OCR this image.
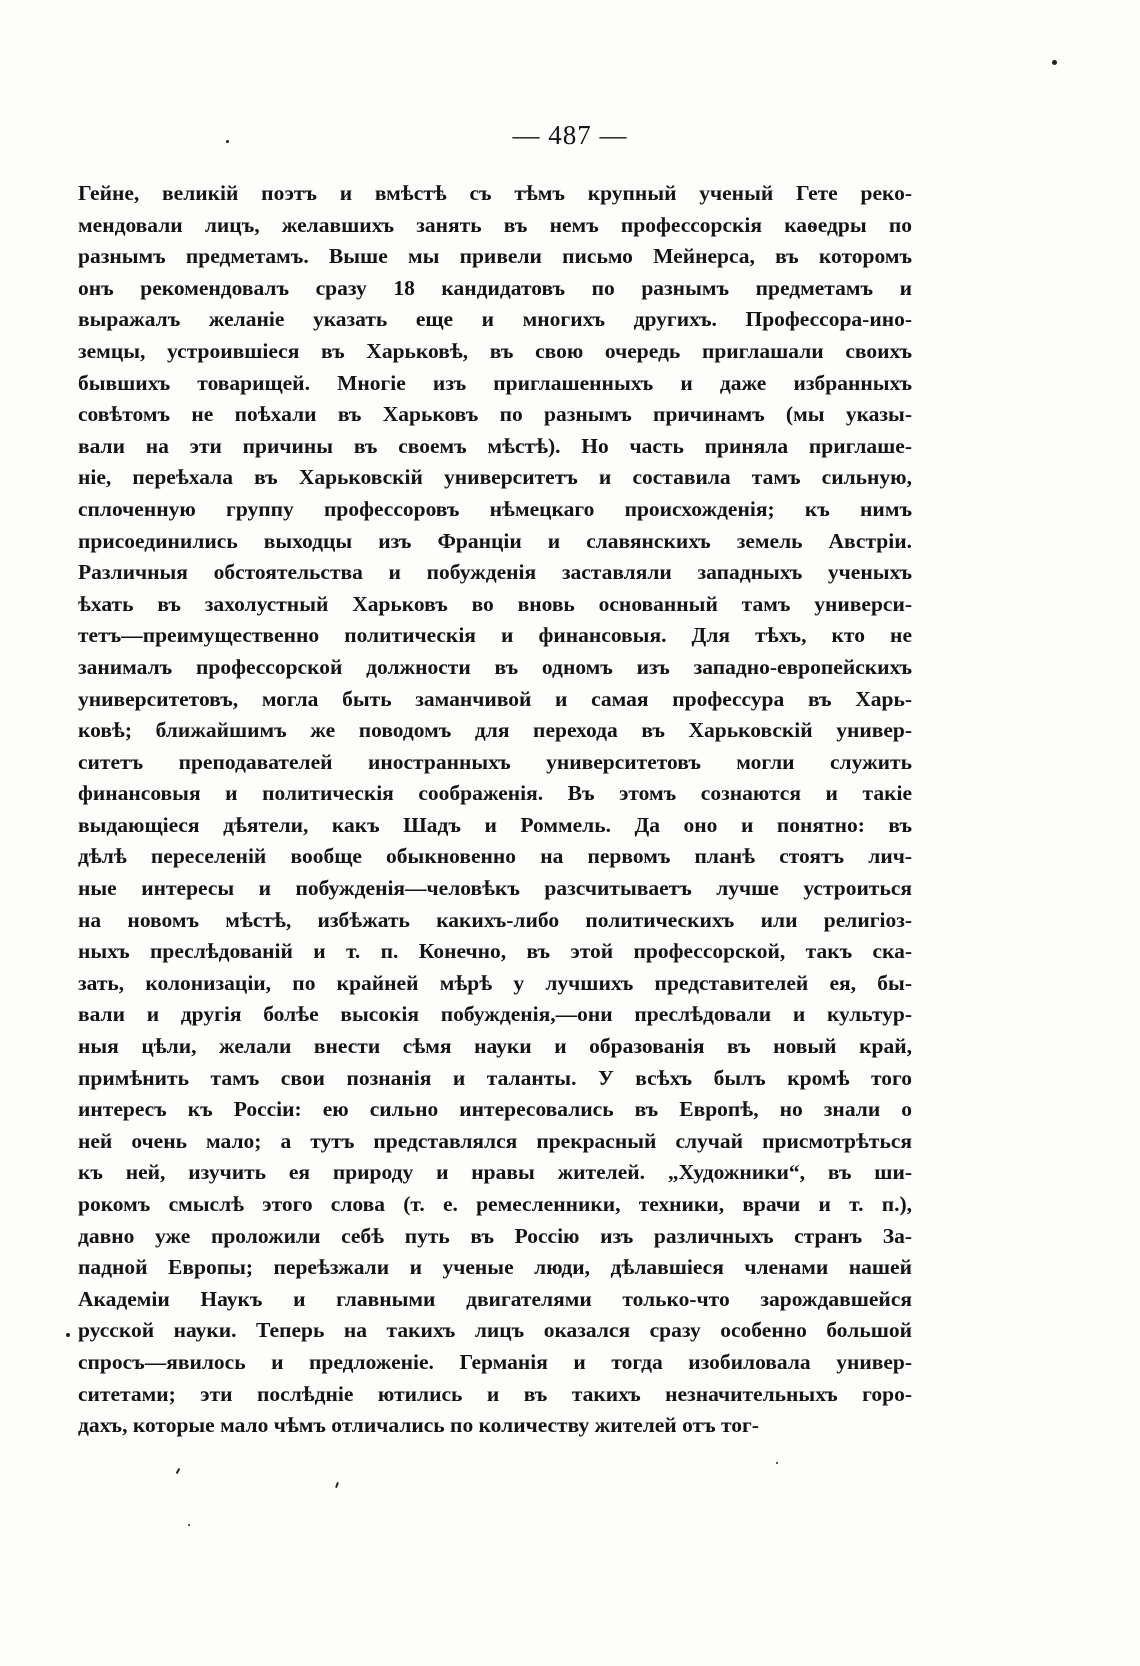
— 487 —
Гейне, великій поэтъ и вмѣстѣ съ тѣмъ крупный ученый Гете реко-
мендовали лицъ, желавшихъ занять въ немъ профессорскія каѳедры по
разнымъ предметамъ. Выше мы привели письмо Мейнерса, въ которомъ
онъ рекомендовалъ сразу 18 кандидатовъ по разнымъ предметамъ и
выражалъ желаніе указать еще и многихъ другихъ. Профессора-ино-
земцы, устроившіеся въ Харьковѣ, въ свою очередь приглашали своихъ
бывшихъ товарищей. Многіе изъ приглашенныхъ и даже избранныхъ
совѣтомъ не поѣхали въ Харьковъ по разнымъ причинамъ (мы указы-
вали на эти причины въ своемъ мѣстѣ). Но часть приняла приглаше-
ніе, переѣхала въ Харьковскій университетъ и составила тамъ сильную,
сплоченную группу профессоровъ нѣмецкаго происхожденія; къ нимъ
присоединились выходцы изъ Франціи и славянскихъ земель Австріи.
Различныя обстоятельства и побужденія заставляли западныхъ ученыхъ
ѣхать въ захолустный Харьковъ во вновь основанный тамъ универси-
тетъ—преимущественно политическія и финансовыя. Для тѣхъ, кто не
занималъ профессорской должности въ одномъ изъ западно-европейскихъ
университетовъ, могла быть заманчивой и самая профессура въ Харь-
ковѣ; ближайшимъ же поводомъ для перехода въ Харьковскій универ-
ситетъ преподавателей иностранныхъ университетовъ могли служить
финансовыя и политическія соображенія. Въ этомъ сознаются и такіе
выдающіеся дѣятели, какъ Шадъ и Роммель. Да оно и понятно: въ
дѣлѣ переселеній вообще обыкновенно на первомъ планѣ стоятъ лич-
ные интересы и побужденія—человѣкъ разсчитываетъ лучше устроиться
на новомъ мѣстѣ, избѣжать какихъ-либо политическихъ или религіоз-
ныхъ преслѣдованій и т. п. Конечно, въ этой профессорской, такъ ска-
зать, колонизаціи, по крайней мѣрѣ у лучшихъ представителей ея, бы-
вали и другія болѣе высокія побужденія,—они преслѣдовали и культур-
ныя цѣли, желали внести сѣмя науки и образованія въ новый край,
примѣнить тамъ свои познанія и таланты. У всѣхъ былъ кромѣ того
интересъ къ Россіи: ею сильно интересовались въ Европѣ, но знали о
ней очень мало; а тутъ представлялся прекрасный случай присмотрѣться
къ ней, изучить ея природу и нравы жителей. „Художники“, въ ши-
рокомъ смыслѣ этого слова (т. е. ремесленники, техники, врачи и т. п.),
давно уже проложили себѣ путь въ Россію изъ различныхъ странъ За-
падной Европы; переѣзжали и ученые люди, дѣлавшіеся членами нашей
Академіи Наукъ и главными двигателями только-что зарождавшейся
русской науки. Теперь на такихъ лицъ оказался сразу особенно большой
спросъ—явилось и предложеніе. Германія и тогда изобиловала универ-
ситетами; эти послѣдніе ютились и въ такихъ незначительныхъ горо-
дахъ, которые мало чѣмъ отличались по количеству жителей отъ тог-
